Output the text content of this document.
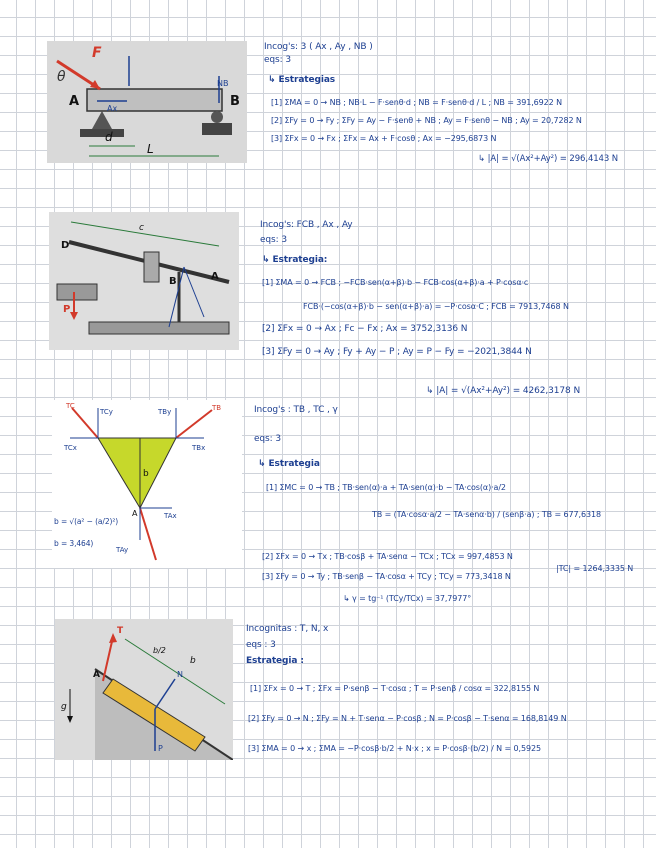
θ
F
A	B
Ax
NB
d
L
Incog's: 3 ( Ax , Ay , NB )
eqs: 3
↳ Estrategias
[1] ΣMA = 0 → NB ; NB·L − F·senθ·d ; NB = F·senθ·d / L ; NB = 391,6922 N
[2] ΣFy = 0 → Fy ; ΣFy = Ay − F·senθ + NB ; Ay = F·senθ − NB ; Ay = 20,7282 N
[3] ΣFx = 0 → Fx ; ΣFx = Ax + F·cosθ ; Ax = −295,6873 N
↳ |A| = √(Ax²+Ay²) = 296,4143 N
c
D
B	A
P
Incog's: FCB , Ax , Ay
eqs: 3
↳ Estrategia:
[1] ΣMA = 0 → FCB ; −FCB·sen(α+β)·b − FCB·cos(α+β)·a + P·cosα·c
FCB·(−cos(α+β)·b − sen(α+β)·a) = −P·cosα·C ; FCB = 7913,7468 N
[2] ΣFx = 0 → Ax ; Fc − Fx ; Ax = 3752,3136 N
[3] ΣFy = 0 → Ay ; Fy + Ay − P ; Ay = P − Fy = −2021,3844 N
↳ |A| = √(Ax²+Ay²) = 4262,3178 N
b
A	TAx
TAy
TB
TC
TCx
TCy
TBx
TBy
b = √(a² − (a/2)²)
b = 3,464)
Incog's : TB , TC , γ
eqs: 3
↳ Estrategia
[1] ΣMC = 0 → TB ; TB·sen(α)·a + TA·sen(α)·b − TA·cos(α)·a/2
TB = (TA·cosα·a/2 − TA·senα·b) / (senβ·a) ; TB = 677,6318
[2] ΣFx = 0 → Tx ; TB·cosβ + TA·senα − TCx ; TCx = 997,4853 N
[3] ΣFy = 0 → Ty ; TB·senβ − TA·cosα + TCy ; TCy = 773,3418 N
|TC| = 1264,3335 N
↳ γ = tg⁻¹ (TCy/TCx) = 37,7977°
T
A
g
b
b/2
N
P
Incognitas : T, N, x
eqs : 3
Estrategia :
[1] ΣFx = 0 → T ; ΣFx = P·senβ − T·cosα ; T = P·senβ / cosα = 322,8155 N
[2] ΣFy = 0 → N ; ΣFy = N + T·senα − P·cosβ ; N = P·cosβ − T·senα = 168,8149 N
[3] ΣMA = 0 → x ; ΣMA = −P·cosβ·b/2 + N·x ; x = P·cosβ·(b/2) / N = 0,5925
